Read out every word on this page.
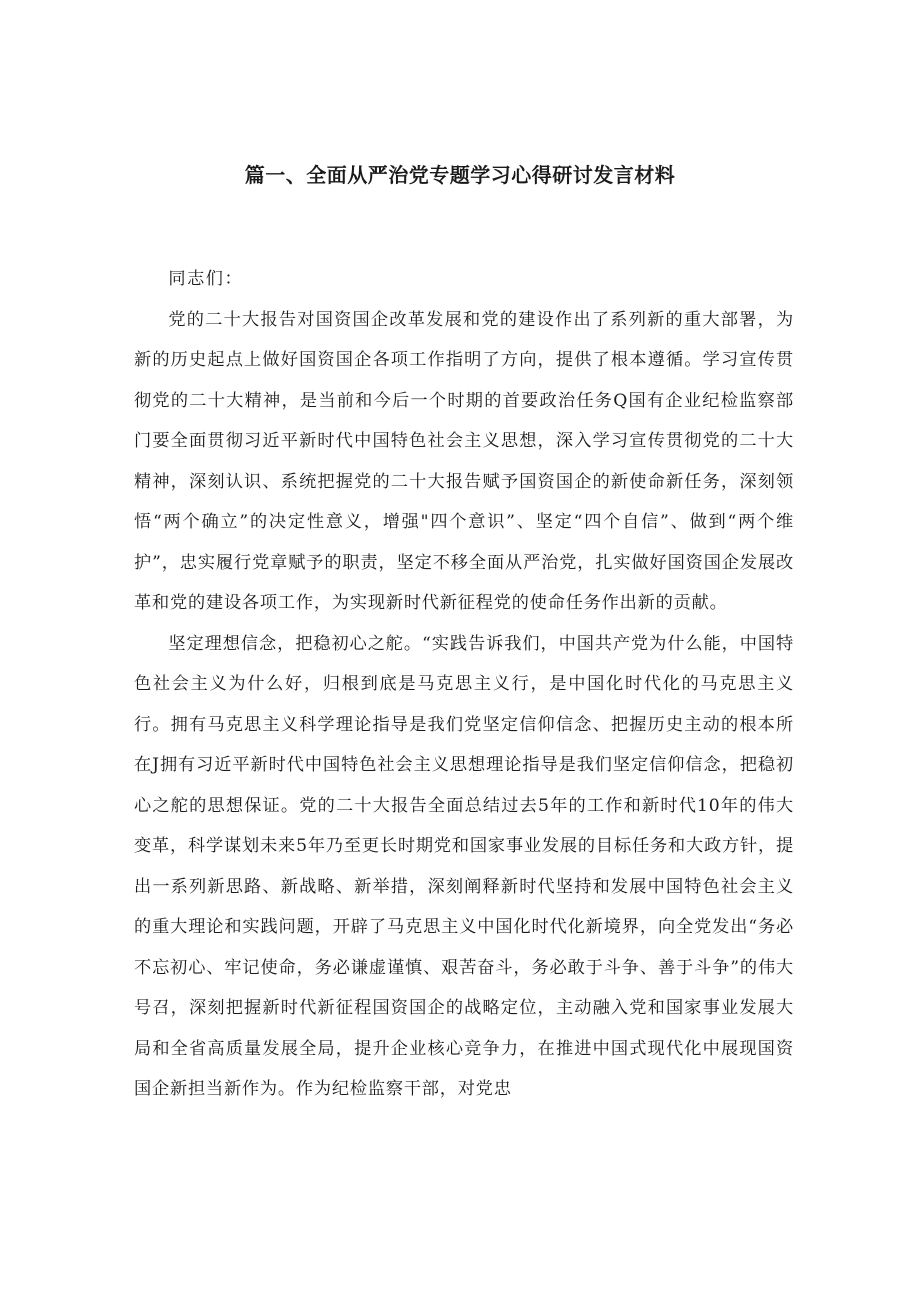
篇一、全面从严治党专题学习心得研讨发言材料

同志们：

党的二十大报告对国资国企改革发展和党的建设作出了系列新的重大部署，为新的历史起点上做好国资国企各项工作指明了方向，提供了根本遵循。学习宣传贯彻党的二十大精神，是当前和今后一个时期的首要政治任务Q国有企业纪检监察部门要全面贯彻习近平新时代中国特色社会主义思想，深入学习宣传贯彻党的二十大精神，深刻认识、系统把握党的二十大报告赋予国资国企的新使命新任务，深刻领悟“两个确立”的决定性意义，增强"四个意识”、坚定“四个自信”、做到“两个维护”，忠实履行党章赋予的职责，坚定不移全面从严治党，扎实做好国资国企发展改革和党的建设各项工作，为实现新时代新征程党的使命任务作出新的贡献。

坚定理想信念，把稳初心之舵。“实践告诉我们，中国共产党为什么能，中国特色社会主义为什么好，归根到底是马克思主义行，是中国化时代化的马克思主义行。拥有马克思主义科学理论指导是我们党坚定信仰信念、把握历史主动的根本所在J拥有习近平新时代中国特色社会主义思想理论指导是我们坚定信仰信念，把稳初心之舵的思想保证。党的二十大报告全面总结过去5年的工作和新时代10年的伟大变革，科学谋划未来5年乃至更长时期党和国家事业发展的目标任务和大政方针，提出一系列新思路、新战略、新举措，深刻阐释新时代坚持和发展中国特色社会主义的重大理论和实践问题，开辟了马克思主义中国化时代化新境界，向全党发出“务必不忘初心、牢记使命，务必谦虚谨慎、艰苦奋斗，务必敢于斗争、善于斗争”的伟大号召，深刻把握新时代新征程国资国企的战略定位，主动融入党和国家事业发展大局和全省高质量发展全局，提升企业核心竞争力，在推进中国式现代化中展现国资国企新担当新作为。作为纪检监察干部，对党忠
